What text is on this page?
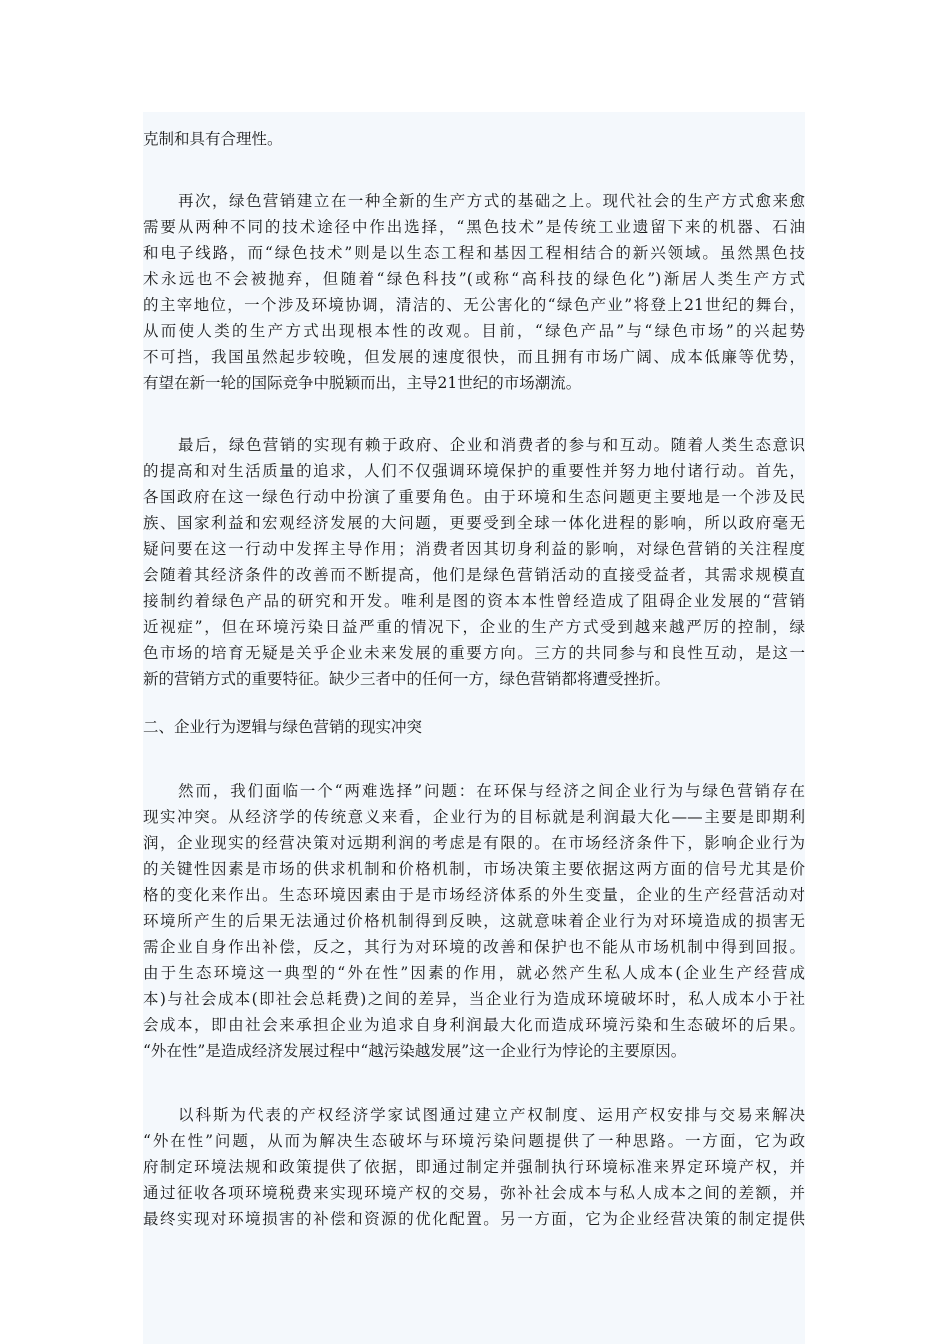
克制和具有合理性。
再次，绿色营销建立在一种全新的生产方式的基础之上。现代社会的生产方式愈来愈
需要从两种不同的技术途径中作出选择，“黑色技术”是传统工业遗留下来的机器、石油
和电子线路，而“绿色技术”则是以生态工程和基因工程相结合的新兴领域。虽然黑色技
术永远也不会被抛弃，但随着“绿色科技”(或称“高科技的绿色化”)渐居人类生产方式
的主宰地位，一个涉及环境协调，清洁的、无公害化的“绿色产业”将登上21世纪的舞台，
从而使人类的生产方式出现根本性的改观。目前，“绿色产品”与“绿色市场”的兴起势
不可挡，我国虽然起步较晚，但发展的速度很快，而且拥有市场广阔、成本低廉等优势，
有望在新一轮的国际竞争中脱颖而出，主导21世纪的市场潮流。
最后，绿色营销的实现有赖于政府、企业和消费者的参与和互动。随着人类生态意识
的提高和对生活质量的追求，人们不仅强调环境保护的重要性并努力地付诸行动。首先，
各国政府在这一绿色行动中扮演了重要角色。由于环境和生态问题更主要地是一个涉及民
族、国家利益和宏观经济发展的大问题，更要受到全球一体化进程的影响，所以政府毫无
疑问要在这一行动中发挥主导作用；消费者因其切身利益的影响，对绿色营销的关注程度
会随着其经济条件的改善而不断提高，他们是绿色营销活动的直接受益者，其需求规模直
接制约着绿色产品的研究和开发。唯利是图的资本本性曾经造成了阻碍企业发展的“营销
近视症”，但在环境污染日益严重的情况下，企业的生产方式受到越来越严厉的控制，绿
色市场的培育无疑是关乎企业未来发展的重要方向。三方的共同参与和良性互动，是这一
新的营销方式的重要特征。缺少三者中的任何一方，绿色营销都将遭受挫折。
二、企业行为逻辑与绿色营销的现实冲突
然而，我们面临一个“两难选择”问题：在环保与经济之间企业行为与绿色营销存在
现实冲突。从经济学的传统意义来看，企业行为的目标就是利润最大化——主要是即期利
润，企业现实的经营决策对远期利润的考虑是有限的。在市场经济条件下，影响企业行为
的关键性因素是市场的供求机制和价格机制，市场决策主要依据这两方面的信号尤其是价
格的变化来作出。生态环境因素由于是市场经济体系的外生变量，企业的生产经营活动对
环境所产生的后果无法通过价格机制得到反映，这就意味着企业行为对环境造成的损害无
需企业自身作出补偿，反之，其行为对环境的改善和保护也不能从市场机制中得到回报。
由于生态环境这一典型的“外在性”因素的作用，就必然产生私人成本(企业生产经营成
本)与社会成本(即社会总耗费)之间的差异，当企业行为造成环境破坏时，私人成本小于社
会成本，即由社会来承担企业为追求自身利润最大化而造成环境污染和生态破坏的后果。
“外在性”是造成经济发展过程中“越污染越发展”这一企业行为悖论的主要原因。
以科斯为代表的产权经济学家试图通过建立产权制度、运用产权安排与交易来解决
“外在性”问题，从而为解决生态破坏与环境污染问题提供了一种思路。一方面，它为政
府制定环境法规和政策提供了依据，即通过制定并强制执行环境标准来界定环境产权，并
通过征收各项环境税费来实现环境产权的交易，弥补社会成本与私人成本之间的差额，并
最终实现对环境损害的补偿和资源的优化配置。另一方面，它为企业经营决策的制定提供
